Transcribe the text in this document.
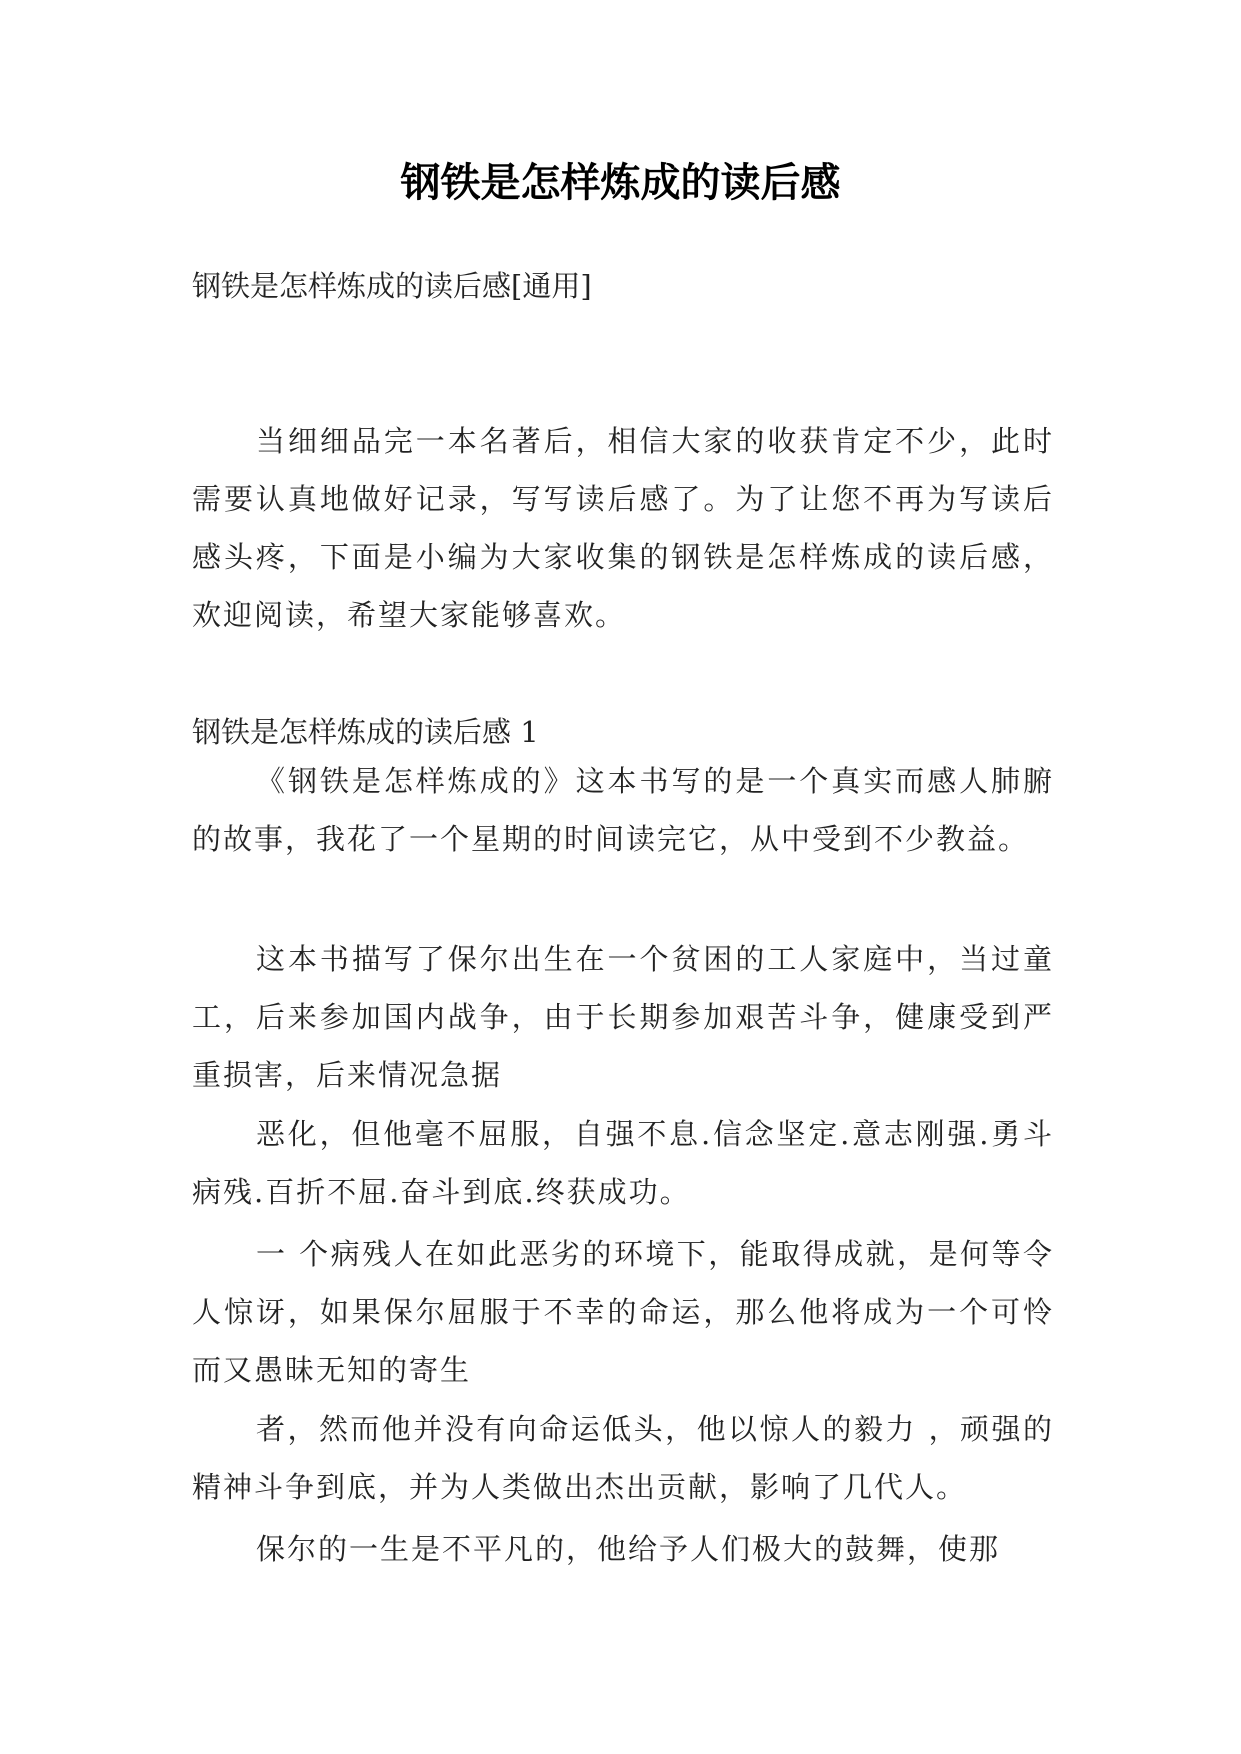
钢铁是怎样炼成的读后感

钢铁是怎样炼成的读后感[通用]

当细细品完一本名著后，相信大家的收获肯定不少，此时需要认真地做好记录，写写读后感了。为了让您不再为写读后感头疼，下面是小编为大家收集的钢铁是怎样炼成的读后感，欢迎阅读，希望大家能够喜欢。

钢铁是怎样炼成的读后感 1

《钢铁是怎样炼成的》这本书写的是一个真实而感人肺腑的故事，我花了一个星期的时间读完它，从中受到不少教益。

这本书描写了保尔出生在一个贫困的工人家庭中，当过童工，后来参加国内战争，由于长期参加艰苦斗争，健康受到严重损害，后来情况急据

恶化，但他毫不屈服，自强不息.信念坚定.意志刚强.勇斗病残.百折不屈.奋斗到底.终获成功。

一 个病残人在如此恶劣的环境下，能取得成就，是何等令人惊讶，如果保尔屈服于不幸的命运，那么他将成为一个可怜而又愚昧无知的寄生

者，然而他并没有向命运低头，他以惊人的毅力 ，顽强的精神斗争到底，并为人类做出杰出贡献，影响了几代人。

保尔的一生是不平凡的，他给予人们极大的鼓舞，使那
